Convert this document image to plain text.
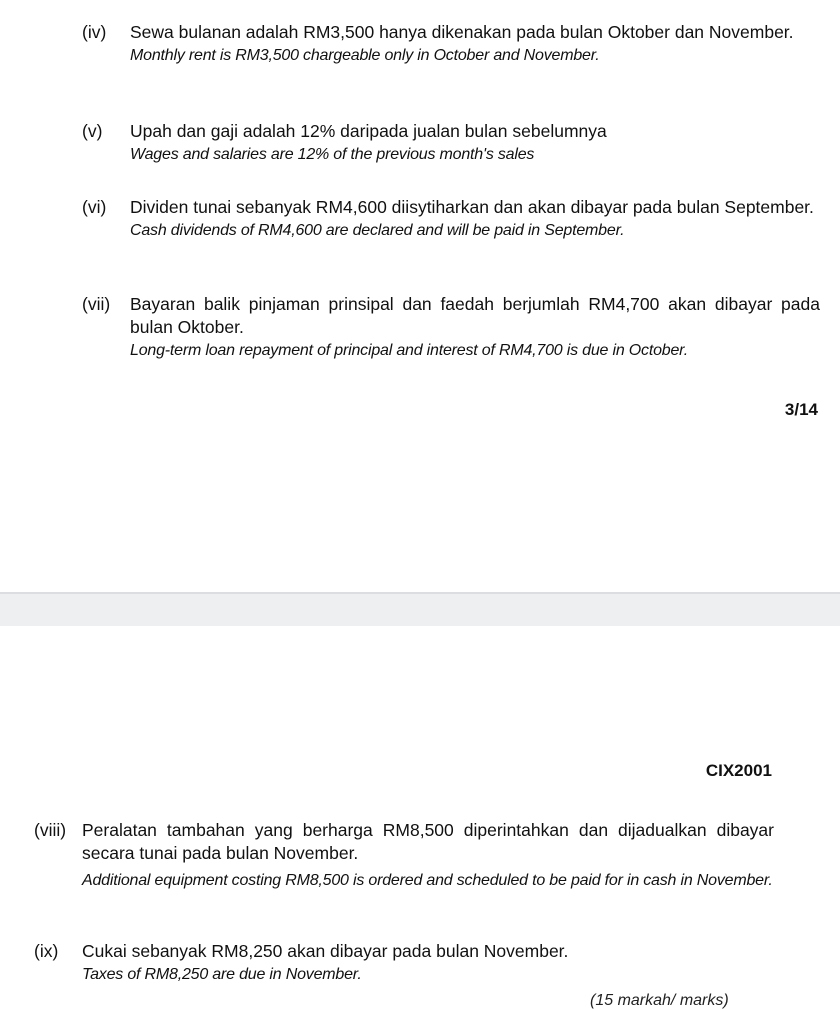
(iv) Sewa bulanan adalah RM3,500 hanya dikenakan pada bulan Oktober dan November.

Monthly rent is RM3,500 chargeable only in October and November.

(v) Upah dan gaji adalah 12% daripada jualan bulan sebelumnya

Wages and salaries are 12% of the previous month's sales

(vi) Dividen tunai sebanyak RM4,600 diisytiharkan dan akan dibayar pada bulan September.

Cash dividends of RM4,600 are declared and will be paid in September.

(vii) Bayaran balik pinjaman prinsipal dan faedah berjumlah RM4,700 akan dibayar pada bulan Oktober.

Long-term loan repayment of principal and interest of RM4,700 is due in October.

3/14
CIX2001
(viii) Peralatan tambahan yang berharga RM8,500 diperintahkan dan dijadualkan dibayar secara tunai pada bulan November.

Additional equipment costing RM8,500 is ordered and scheduled to be paid for in cash in November.

(ix) Cukai sebanyak RM8,250 akan dibayar pada bulan November.

Taxes of RM8,250 are due in November.

(15 markah/ marks)
